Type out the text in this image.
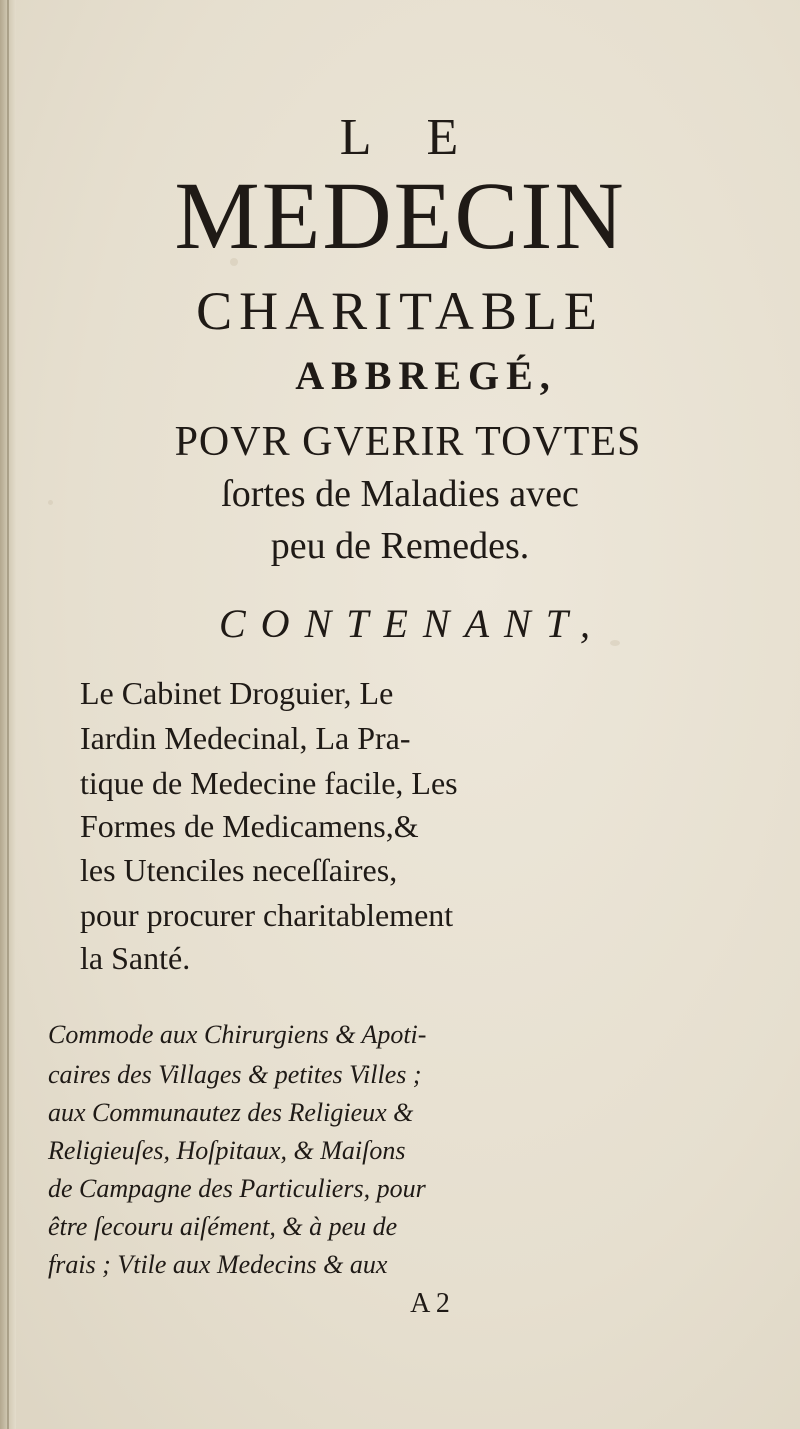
L E
MEDECIN
CHARITABLE
ABBREGÉ,
POVR GVERIR TOVTES
ſortes de Maladies avec
peu de Remedes.
CONTENANT,
Le Cabinet Droguier, Le
Iardin Medecinal, La Pra-
tique de Medecine facile, Les
Formes de Medicamens,&
les Utenciles neceſſaires,
pour procurer charitablement
la Santé.
Commode aux Chirurgiens & Apoti-
caires des Villages & petites Villes ;
aux Communautez des Religieux &
Religieuſes, Hoſpitaux, & Maiſons
de Campagne des Particuliers, pour
être ſecouru aiſément, & à peu de
frais ; Vtile aux Medecins & aux
A 2
